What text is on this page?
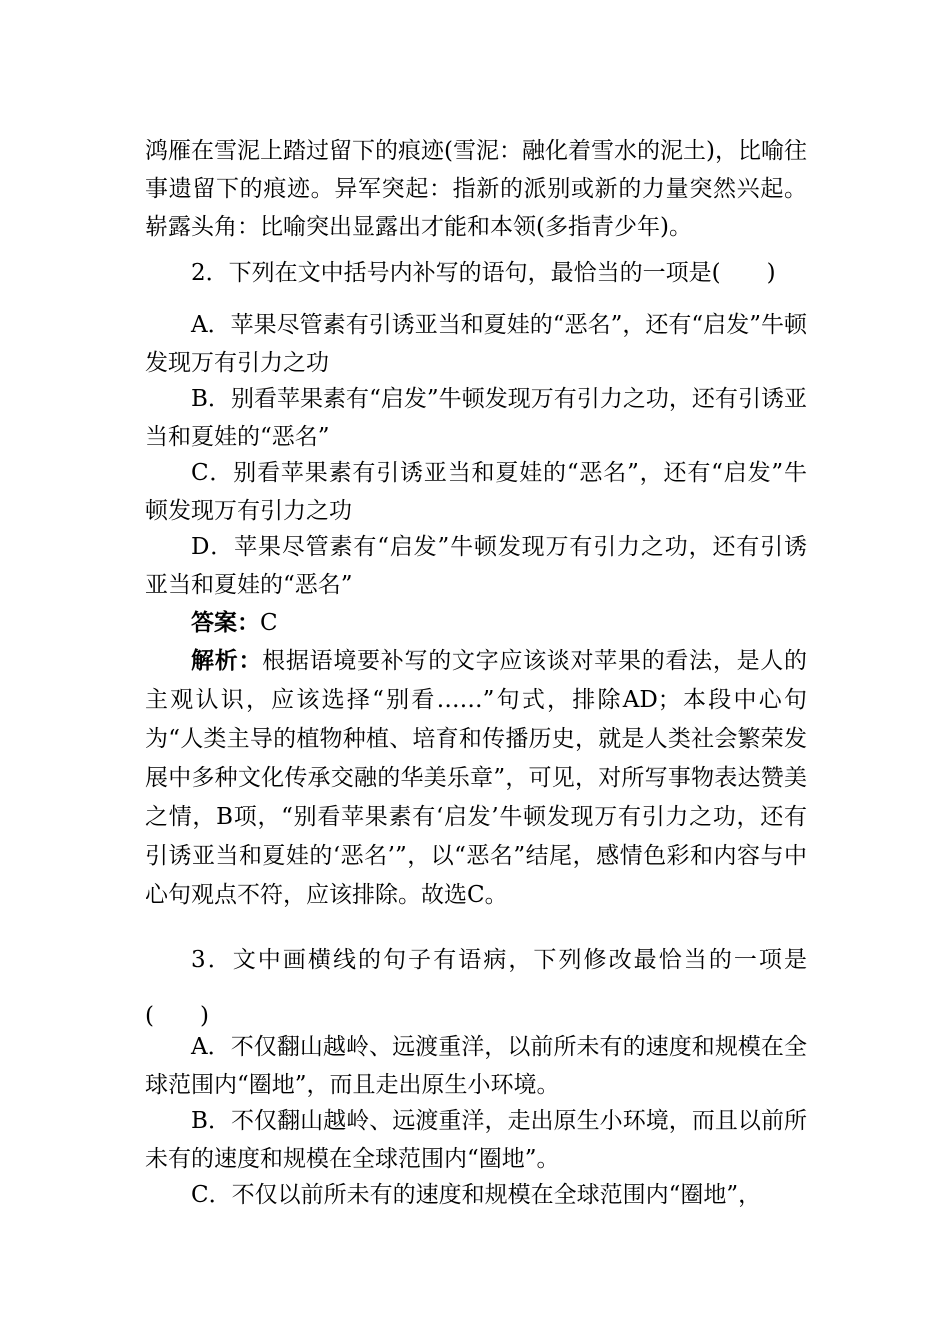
鸿雁在雪泥上踏过留下的痕迹(雪泥：融化着雪水的泥土)，比喻往事遗留下的痕迹。异军突起：指新的派别或新的力量突然兴起。崭露头角：比喻突出显露出才能和本领(多指青少年)。

2．下列在文中括号内补写的语句，最恰当的一项是(　　)

A．苹果尽管素有引诱亚当和夏娃的“恶名”，还有“启发”牛顿发现万有引力之功

B．别看苹果素有“启发”牛顿发现万有引力之功，还有引诱亚当和夏娃的“恶名”

C．别看苹果素有引诱亚当和夏娃的“恶名”，还有“启发”牛顿发现万有引力之功

D．苹果尽管素有“启发”牛顿发现万有引力之功，还有引诱亚当和夏娃的“恶名”

答案：C

解析：根据语境要补写的文字应该谈对苹果的看法，是人的主观认识，应该选择“别看……”句式，排除AD；本段中心句为“人类主导的植物种植、培育和传播历史，就是人类社会繁荣发展中多种文化传承交融的华美乐章”，可见，对所写事物表达赞美之情，B项，“别看苹果素有‘启发’牛顿发现万有引力之功，还有引诱亚当和夏娃的‘恶名’”，以“恶名”结尾，感情色彩和内容与中心句观点不符，应该排除。故选C。

3．文中画横线的句子有语病，下列修改最恰当的一项是(　　)

A．不仅翻山越岭、远渡重洋，以前所未有的速度和规模在全球范围内“圈地”，而且走出原生小环境。

B．不仅翻山越岭、远渡重洋，走出原生小环境，而且以前所未有的速度和规模在全球范围内“圈地”。

C．不仅以前所未有的速度和规模在全球范围内“圈地”，
